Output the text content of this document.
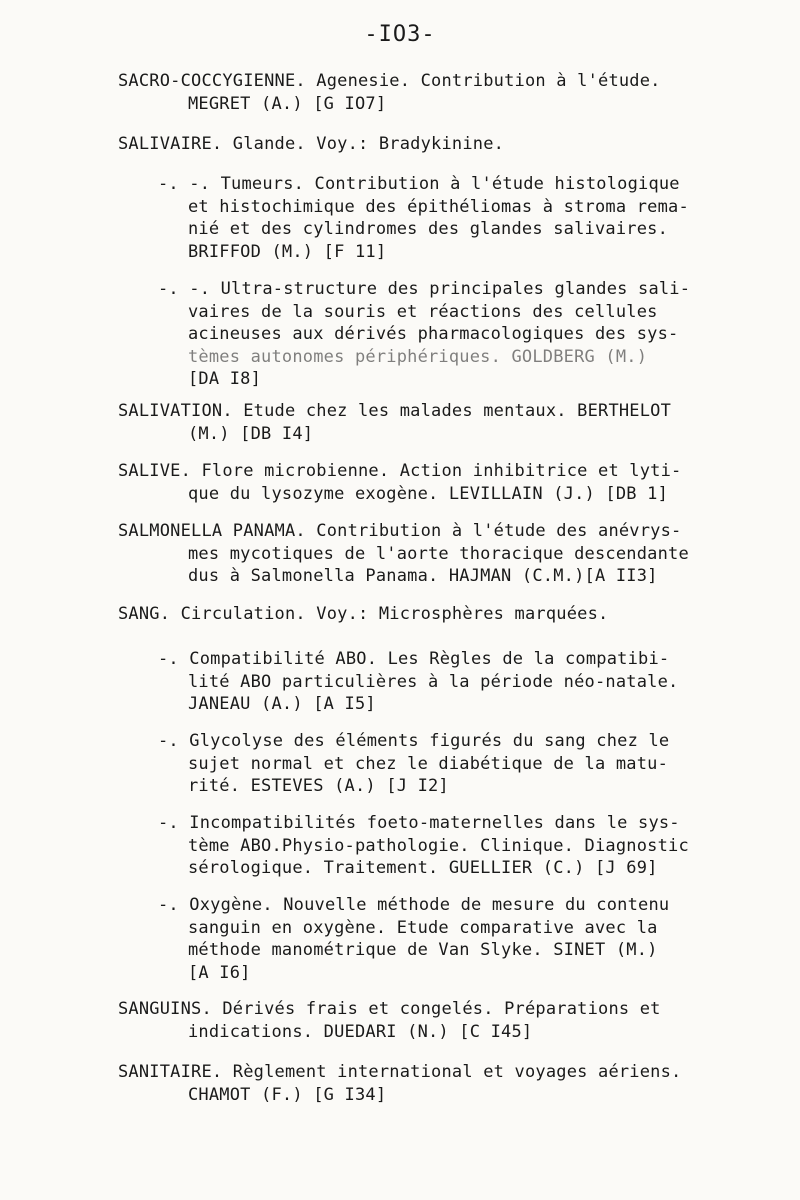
-IO3-
SACRO-COCCYGIENNE. Agenesie. Contribution à l'étude.
MEGRET (A.) [G IO7]
SALIVAIRE. Glande. Voy.: Bradykinine.
-. -. Tumeurs. Contribution à l'étude histologique
et histochimique des épithéliomas à stroma rema-
nié et des cylindromes des glandes salivaires.
BRIFFOD (M.) [F 11]
-. -. Ultra-structure des principales glandes sali-
vaires de la souris et réactions des cellules
acineuses aux dérivés pharmacologiques des sys-
tèmes autonomes périphériques. GOLDBERG (M.)
[DA I8]
SALIVATION. Etude chez les malades mentaux. BERTHELOT
(M.) [DB I4]
SALIVE. Flore microbienne. Action inhibitrice et lyti-
que du lysozyme exogène. LEVILLAIN (J.) [DB 1]
SALMONELLA PANAMA. Contribution à l'étude des anévrys-
mes mycotiques de l'aorte thoracique descendante
dus à Salmonella Panama. HAJMAN (C.M.)[A II3]
SANG. Circulation. Voy.: Microsphères marquées.
-. Compatibilité ABO. Les Règles de la compatibi-
lité ABO particulières à la période néo-natale.
JANEAU (A.) [A I5]
-. Glycolyse des éléments figurés du sang chez le
sujet normal et chez le diabétique de la matu-
rité. ESTEVES (A.) [J I2]
-. Incompatibilités foeto-maternelles dans le sys-
tème ABO.Physio-pathologie. Clinique. Diagnostic
sérologique. Traitement. GUELLIER (C.) [J 69]
-. Oxygène. Nouvelle méthode de mesure du contenu
sanguin en oxygène. Etude comparative avec la
méthode manométrique de Van Slyke. SINET (M.)
[A I6]
SANGUINS. Dérivés frais et congelés. Préparations et
indications. DUEDARI (N.) [C I45]
SANITAIRE. Règlement international et voyages aériens.
CHAMOT (F.) [G I34]
